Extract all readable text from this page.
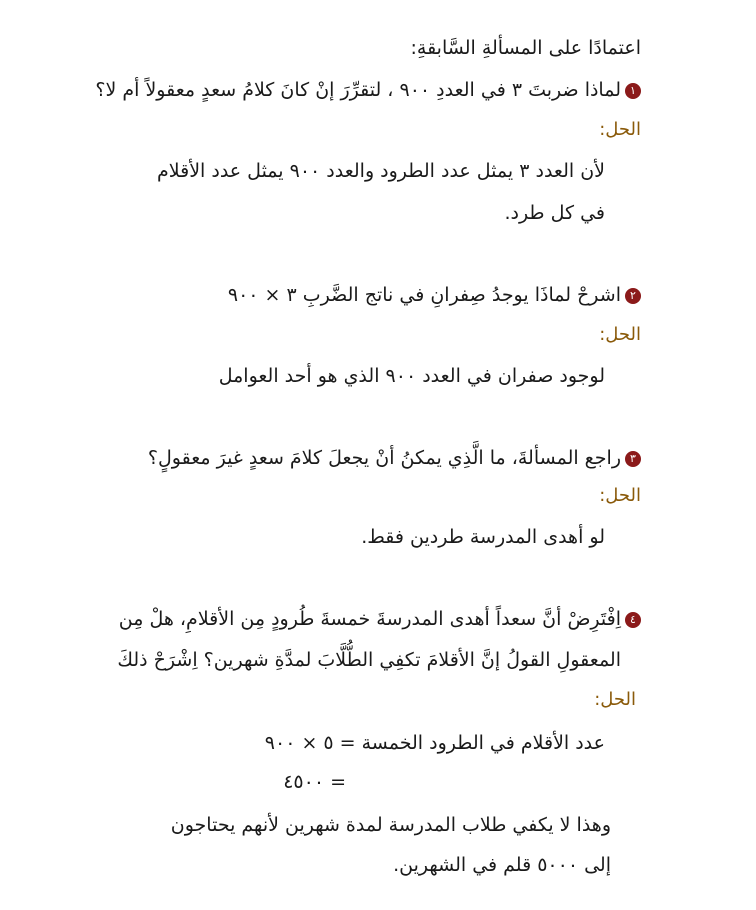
اعتمادًا على المسألةِ السَّابقةِ:
١لماذا ضربتَ ٣ في العددِ ٩٠٠ ، لتقرِّرَ إنْ كانَ كلامُ سعدٍ معقولاً أم لا؟
الحل:
لأن العدد ٣ يمثل عدد الطرود والعدد ٩٠٠ يمثل عدد الأقلام
في كل طرد.
٢اشرحْ لماذَا يوجدُ صِفرانِ في ناتج الضَّربِ ٣ × ٩٠٠
الحل:
لوجود صفران في العدد ٩٠٠ الذي هو أحد العوامل
٣راجع المسألةَ، ما الَّذِي يمكنُ أنْ يجعلَ كلامَ سعدٍ غيرَ معقولٍ؟
الحل:
لو أهدى المدرسة طردين فقط.
٤اِفْتَرِضْ أنَّ سعداً أهدى المدرسةَ خمسةَ طُرودٍ مِن الأقلامِ، هلْ مِن
المعقولِ القولُ إنَّ الأقلامَ تكفِي الطُّلَّابَ لمدَّةِ شهرين؟ اِشْرَحْ ذلكَ
الحل:
عدد الأقلام في الطرود الخمسة = ٥ × ٩٠٠
= ٤٥٠٠
وهذا لا يكفي طلاب المدرسة لمدة شهرين لأنهم يحتاجون
إلى ٥٠٠٠ قلم في الشهرين.
